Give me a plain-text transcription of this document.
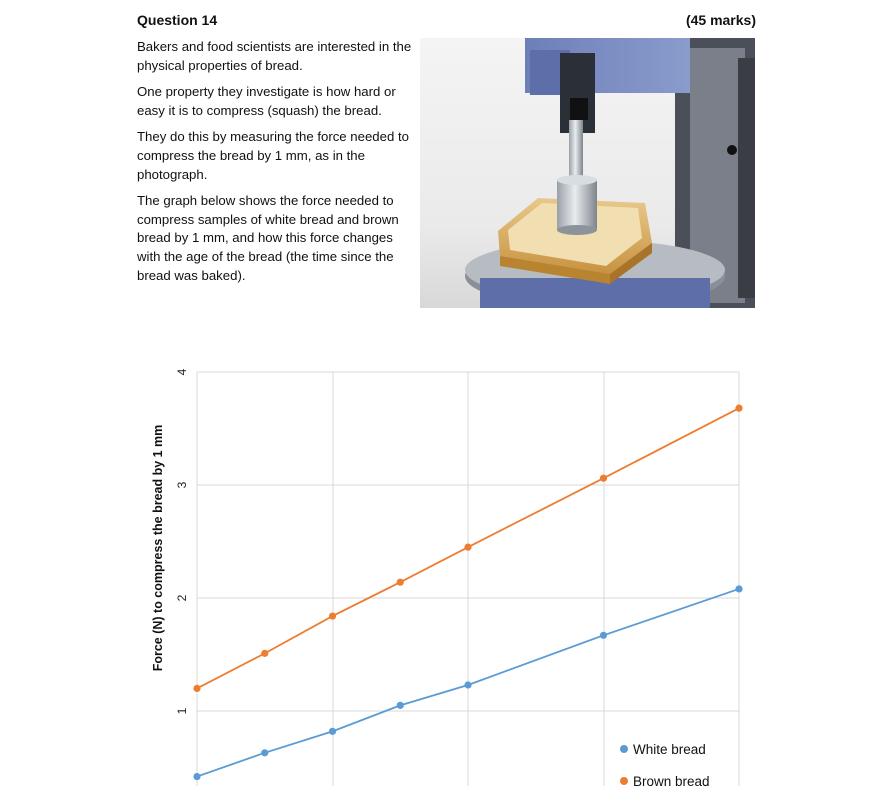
Question 14	(45 marks)

Bakers and food scientists are interested in the physical properties of bread.

One property they investigate is how hard or easy it is to compress (squash) the bread.

They do this by measuring the force needed to compress the bread by 1 mm, as in the photograph.

The graph below shows the force needed to compress samples of white bread and brown bread by 1 mm, and how this force changes with the age of the bread (the time since the bread was baked).

1
2
3
4
Force (N) to compress the bread by 1 mm
White bread
Brown bread
